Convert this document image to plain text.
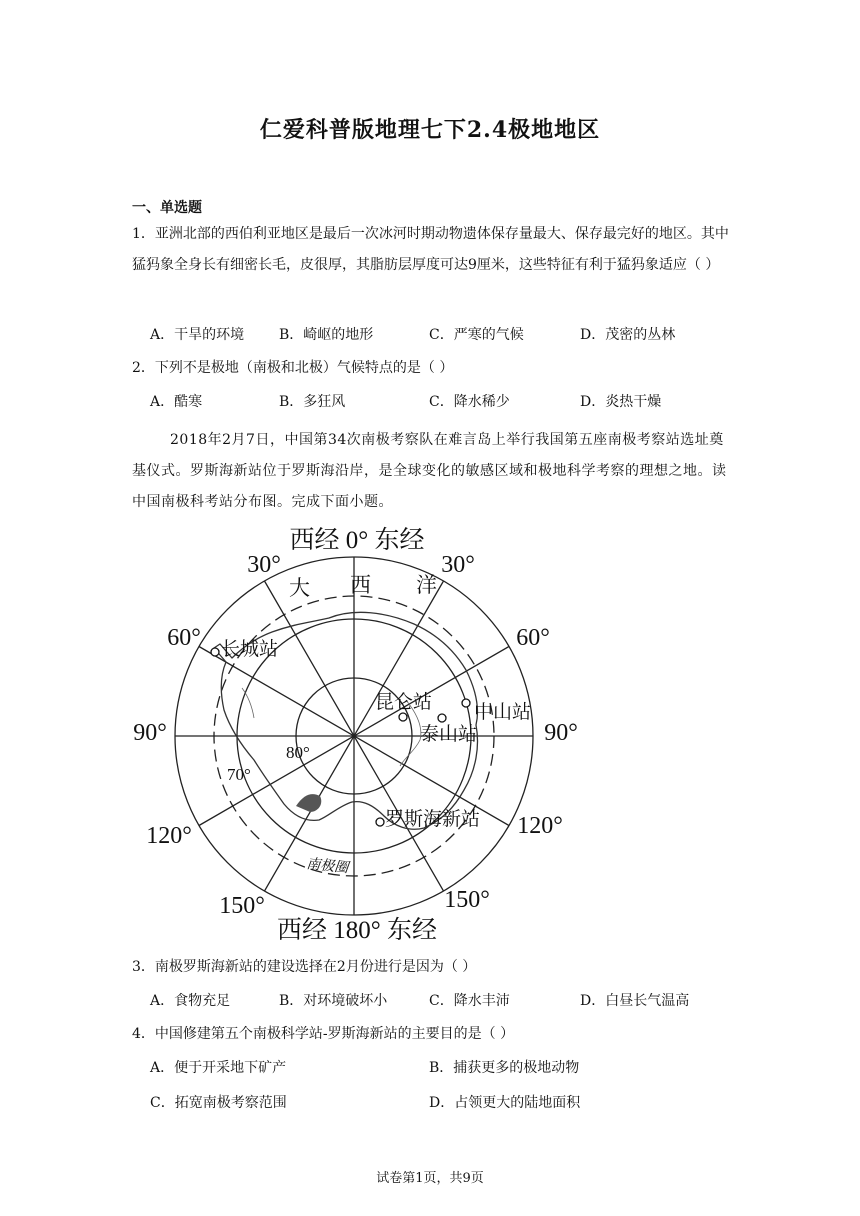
仁爱科普版地理七下2.4极地地区
一、单选题
1．亚洲北部的西伯利亚地区是最后一次冰河时期动物遗体保存量最大、保存最完好的地区。其中猛犸象全身长有细密长毛，皮很厚，其脂肪层厚度可达9厘米，这些特征有利于猛犸象适应（ ）
A．干旱的环境 B．崎岖的地形	C．严寒的气候	D．茂密的丛林
2．下列不是极地（南极和北极）气候特点的是（ ）
A．酷寒	B．多狂风	C．降水稀少	D．炎热干燥
2018年2月7日，中国第34次南极考察队在难言岛上举行我国第五座南极考察站选址奠基仪式。罗斯海新站位于罗斯海沿岸，是全球变化的敏感区域和极地科学考察的理想之地。读中国南极科考站分布图。完成下面小题。
西经 0° 东经
西经 180° 东经
30°	30°
60°	60°
90°	90°
120°	120°
150°	150°
大 西 洋
80°
70°
南极圈
长城站
昆仑站 中山站
泰山站
罗斯海新站
3．南极罗斯海新站的建设选择在2月份进行是因为（ ）
A．食物充足	B．对环境破坏小	C．降水丰沛	D．白昼长气温高
4．中国修建第五个南极科学站-罗斯海新站的主要目的是（ ）
A．便于开采地下矿产	B．捕获更多的极地动物
C．拓宽南极考察范围	D．占领更大的陆地面积
试卷第1页，共9页
